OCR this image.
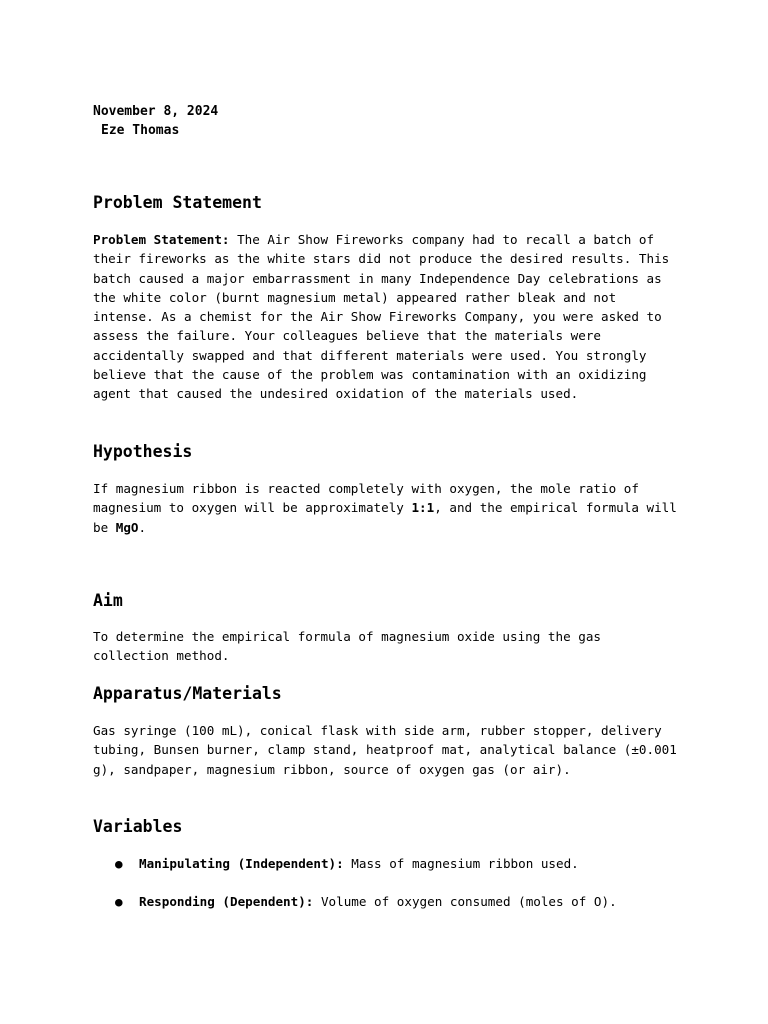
November 8, 2024
Eze Thomas
Problem Statement
Problem Statement: The Air Show Fireworks company had to recall a batch of their fireworks as the white stars did not produce the desired results. This batch caused a major embarrassment in many Independence Day celebrations as the white color (burnt magnesium metal) appeared rather bleak and not intense. As a chemist for the Air Show Fireworks Company, you were asked to assess the failure. Your colleagues believe that the materials were accidentally swapped and that different materials were used. You strongly believe that the cause of the problem was contamination with an oxidizing agent that caused the undesired oxidation of the materials used.
Hypothesis
If magnesium ribbon is reacted completely with oxygen, the mole ratio of magnesium to oxygen will be approximately 1:1, and the empirical formula will be MgO.
Aim
To determine the empirical formula of magnesium oxide using the gas collection method.
Apparatus/Materials
Gas syringe (100 mL), conical flask with side arm, rubber stopper, delivery tubing, Bunsen burner, clamp stand, heatproof mat, analytical balance (±0.001 g), sandpaper, magnesium ribbon, source of oxygen gas (or air).
Variables
● Manipulating (Independent): Mass of magnesium ribbon used.
● Responding (Dependent): Volume of oxygen consumed (moles of O).
